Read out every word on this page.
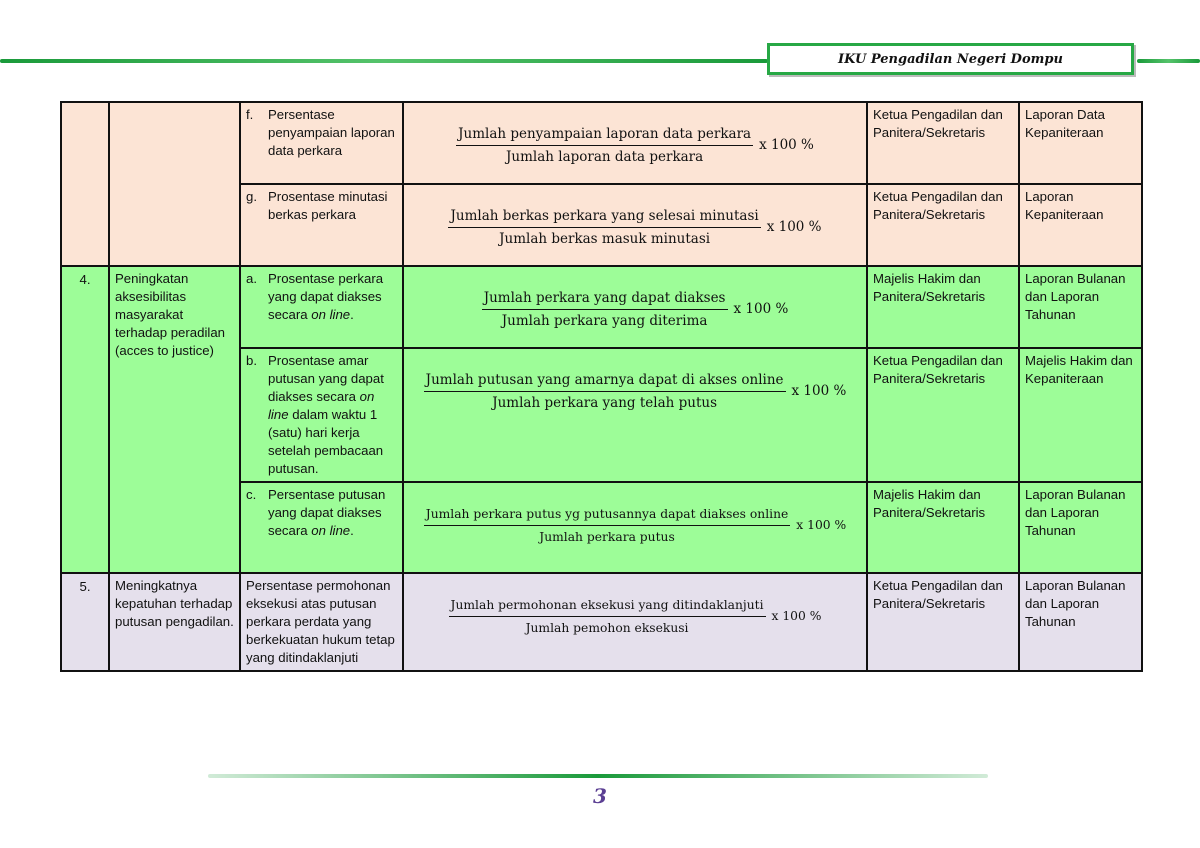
IKU Pengadilan Negeri Dompu

		f. Persentase penyampaian laporan data perkara	$\frac{\text{Jumlah penyampaian laporan data perkara}}{\text{Jumlah laporan data perkara}}$ x 100 %	Ketua Pengadilan dan Panitera/Sekretaris	Laporan Data Kepaniteraan

		g. Prosentase minutasi berkas perkara	$\frac{\text{Jumlah berkas perkara yang selesai minutasi}}{\text{Jumlah berkas masuk minutasi}}$ x 100 %	Ketua Pengadilan dan Panitera/Sekretaris	Laporan Kepaniteraan
4.	Peningkatan aksesibilitas masyarakat terhadap peradilan (acces to justice)	a. Prosentase perkara yang dapat diakses secara on line.	$\frac{\text{Jumlah perkara yang dapat diakses}}{\text{Jumlah perkara yang diterima}}$ x 100 %	Majelis Hakim dan Panitera/Sekretaris	Laporan Bulanan dan Laporan Tahunan

		b. Prosentase amar putusan yang dapat diakses secara on line dalam waktu 1 (satu) hari kerja setelah pembacaan putusan.	$\frac{\text{Jumlah putusan yang amarnya dapat di akses online}}{\text{Jumlah perkara yang telah putus}}$ x 100 %	Ketua Pengadilan dan Panitera/Sekretaris	Majelis Hakim dan Kepaniteraan

		c. Persentase putusan yang dapat diakses secara on line.	$\frac{\text{Jumlah perkara putus yg putusannya dapat diakses online}}{\text{Jumlah perkara putus}}$ x 100 %	Majelis Hakim dan Panitera/Sekretaris	Laporan Bulanan dan Laporan Tahunan
5.	Meningkatnya kepatuhan terhadap putusan pengadilan.	Persentase permohonan eksekusi atas putusan perkara perdata yang berkekuatan hukum tetap yang ditindaklanjuti	$\frac{\text{Jumlah permohonan eksekusi yang ditindaklanjuti}}{\text{Jumlah pemohon eksekusi}}$ x 100 %	Ketua Pengadilan dan Panitera/Sekretaris	Laporan Bulanan dan Laporan Tahunan
3
